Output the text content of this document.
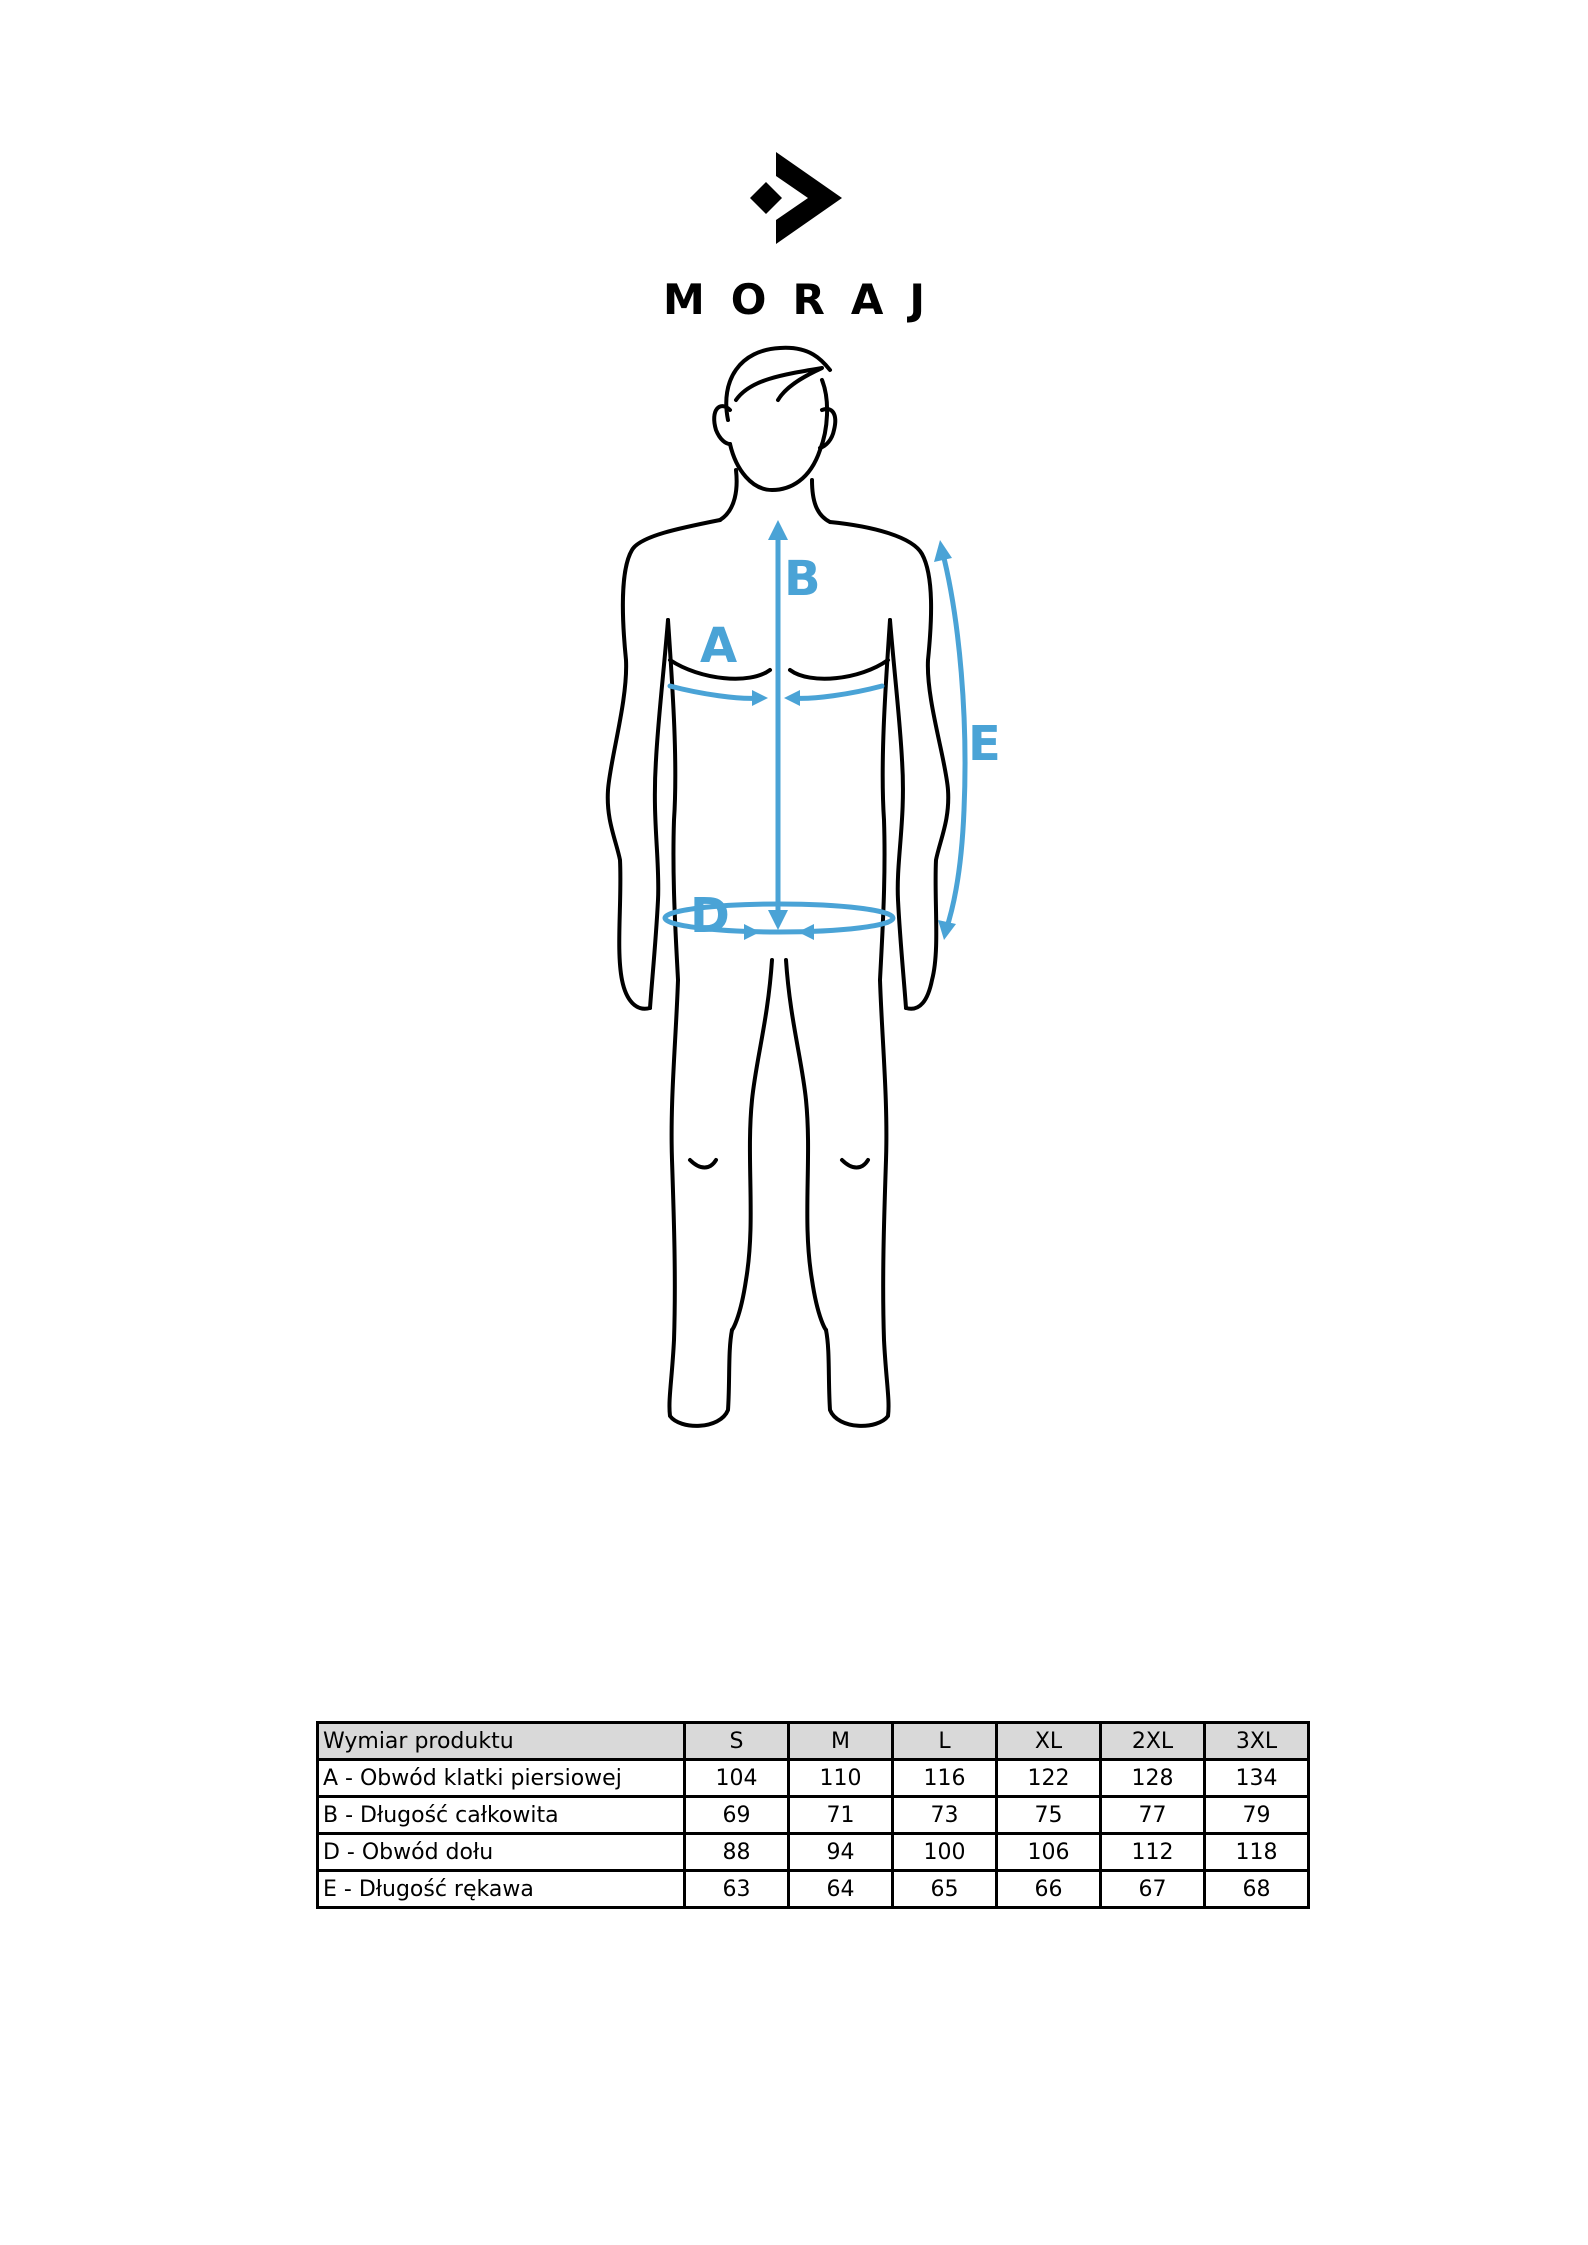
MORAJ
A
B
D
E
Wymiar produktu	S	M	L	XL	2XL	3XL
A - Obwód klatki piersiowej	104	110	116	122	128	134
B - Długość całkowita	69	71	73	75	77	79
D - Obwód dołu	88	94	100	106	112	118
E - Długość rękawa	63	64	65	66	67	68
